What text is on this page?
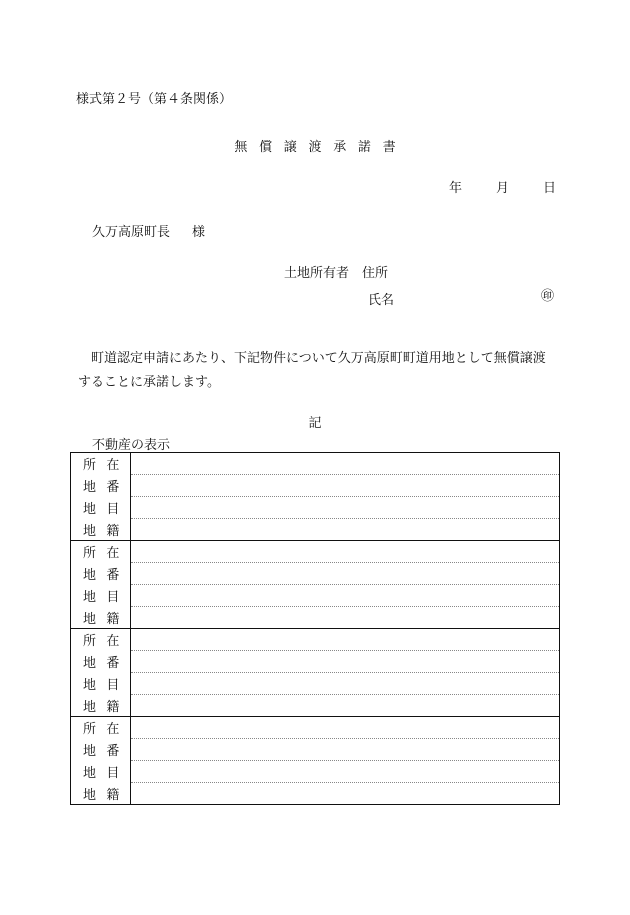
様式第２号（第４条関係）
無償譲渡承諾書
年	月	日
久万高原町長 様
土地所有者　 住所
氏名	㊞
町道認定申請にあたり、下記物件について久万高原町町道用地として無償譲渡することに承諾します。
記
不動産の表示
所在	
地番	
地目	
地籍	
所在	
地番	
地目	
地籍	
所在	
地番	
地目	
地籍	
所在	
地番	
地目	
地籍	
